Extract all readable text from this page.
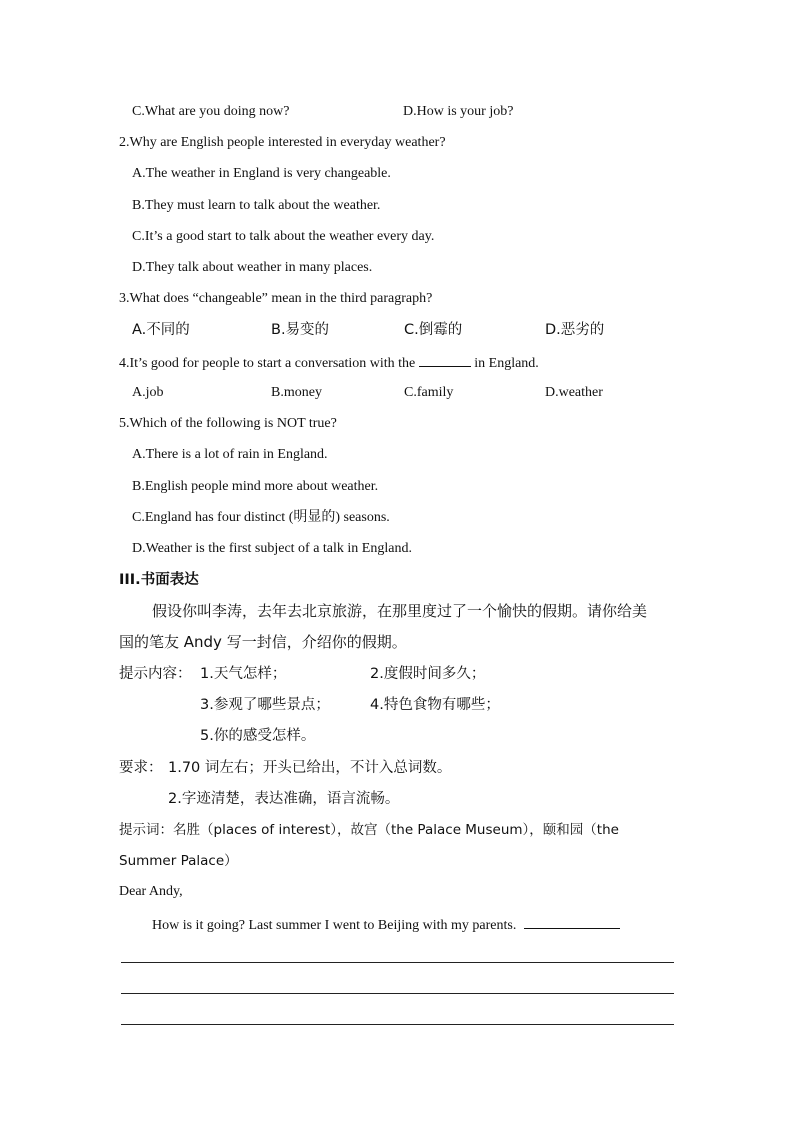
C.What are you doing now?	D.How is your job?
2.Why are English people interested in everyday weather?
A.The weather in England is very changeable.
B.They must learn to talk about the weather.
C.It’s a good start to talk about the weather every day.
D.They talk about weather in many places.
3.What does “changeable” mean in the third paragraph?
A.不同的	B.易变的	C.倒霉的	D.恶劣的
4.It’s good for people to start a conversation with the	in England.
A.job	B.money	C.family	D.weather
5.Which of the following is NOT true?
A.There is a lot of rain in England.
B.English people mind more about weather.
C.England has four distinct (明显的) seasons.
D.Weather is the first subject of a talk in England.
III.书面表达
假设你叫李涛，去年去北京旅游，在那里度过了一个愉快的假期。请你给美
国的笔友 Andy 写一封信，介绍你的假期。
提示内容： 1.天气怎样；	2.度假时间多久；
3.参观了哪些景点；	4.特色食物有哪些；
5.你的感受怎样。
要求： 1.70 词左右；开头已给出，不计入总词数。
2.字迹清楚，表达准确，语言流畅。
提示词：名胜（places of interest），故宫（the Palace Museum），颐和园（the
Summer Palace）
Dear Andy,
How is it going? Last summer I went to Beijing with my parents.
